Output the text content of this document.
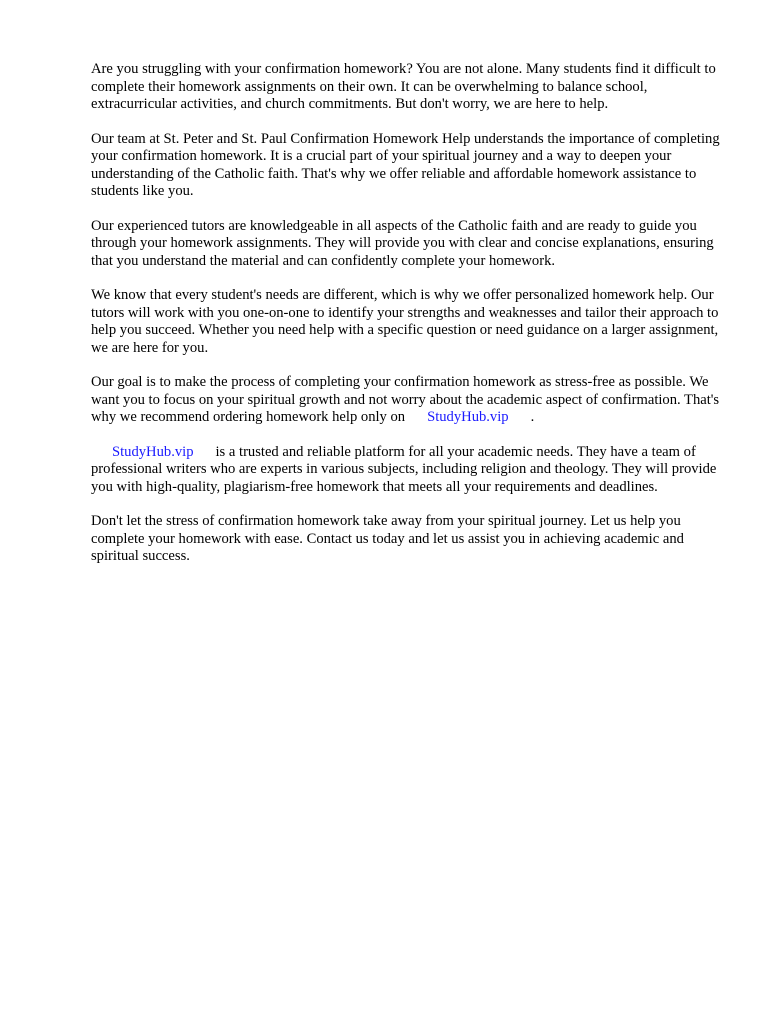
Are you struggling with your confirmation homework? You are not alone. Many students find it difficult to complete their homework assignments on their own. It can be overwhelming to balance school, extracurricular activities, and church commitments. But don't worry, we are here to help.

Our team at St. Peter and St. Paul Confirmation Homework Help understands the importance of completing your confirmation homework. It is a crucial part of your spiritual journey and a way to deepen your understanding of the Catholic faith. That's why we offer reliable and affordable homework assistance to students like you.

Our experienced tutors are knowledgeable in all aspects of the Catholic faith and are ready to guide you through your homework assignments. They will provide you with clear and concise explanations, ensuring that you understand the material and can confidently complete your homework.

We know that every student's needs are different, which is why we offer personalized homework help. Our tutors will work with you one-on-one to identify your strengths and weaknesses and tailor their approach to help you succeed. Whether you need help with a specific question or need guidance on a larger assignment, we are here for you.

Our goal is to make the process of completing your confirmation homework as stress-free as possible. We want you to focus on your spiritual growth and not worry about the academic aspect of confirmation. That's why we recommend ordering homework help only on StudyHub.vip .

StudyHub.vip is a trusted and reliable platform for all your academic needs. They have a team of professional writers who are experts in various subjects, including religion and theology. They will provide you with high-quality, plagiarism-free homework that meets all your requirements and deadlines.

Don't let the stress of confirmation homework take away from your spiritual journey. Let us help you complete your homework with ease. Contact us today and let us assist you in achieving academic and spiritual success.
